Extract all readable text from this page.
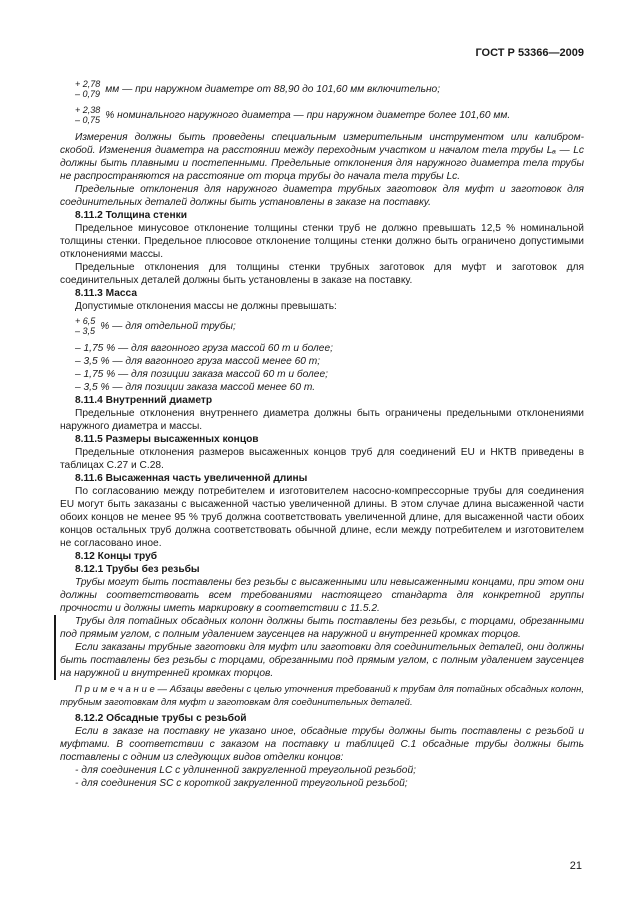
ГОСТ Р 53366—2009
+ 2,78
– 0,79 мм — при наружном диаметре от 88,90 до 101,60 мм включительно;
+ 2,38
– 0,75 % номинального наружного диаметра — при наружном диаметре более 101,60 мм.

Измерения должны быть проведены специальным измерительным инструментом или калибром-скобой. Изменения диаметра на расстоянии между переходным участком и началом тела трубы Lₐ — Lc должны быть плавными и постепенными. Предельные отклонения для наружного диаметра тела трубы не распространяются на расстояние от торца трубы до начала тела трубы Lc.

Предельные отклонения для наружного диаметра трубных заготовок для муфт и заготовок для соединительных деталей должны быть установлены в заказе на поставку.

8.11.2 Толщина стенки

Предельное минусовое отклонение толщины стенки труб не должно превышать 12,5 % номинальной толщины стенки. Предельное плюсовое отклонение толщины стенки должно быть ограничено допустимыми отклонениями массы.

Предельные отклонения для толщины стенки трубных заготовок для муфт и заготовок для соединительных деталей должны быть установлены в заказе на поставку.

8.11.3 Масса

Допустимые отклонения массы не должны превышать:

+ 6,5
– 3,5 % — для отдельной трубы;
– 1,75 % — для вагонного груза массой 60 т и более;
– 3,5 % — для вагонного груза массой менее 60 т;
– 1,75 % — для позиции заказа массой 60 т и более;
– 3,5 % — для позиции заказа массой менее 60 т.

8.11.4 Внутренний диаметр

Предельные отклонения внутреннего диаметра должны быть ограничены предельными отклонениями наружного диаметра и массы.

8.11.5 Размеры высаженных концов

Предельные отклонения размеров высаженных концов труб для соединений EU и НКТВ приведены в таблицах С.27 и С.28.

8.11.6 Высаженная часть увеличенной длины

По согласованию между потребителем и изготовителем насосно-компрессорные трубы для соединения EU могут быть заказаны с высаженной частью увеличенной длины. В этом случае длина высаженной части обоих концов не менее 95 % труб должна соответствовать увеличенной длине, для высаженной части обоих концов остальных труб должна соответствовать обычной длине, если между потребителем и изготовителем не согласовано иное.

8.12 Концы труб

8.12.1 Трубы без резьбы

Трубы могут быть поставлены без резьбы с высаженными или невысаженными концами, при этом они должны соответствовать всем требованиями настоящего стандарта для конкретной группы прочности и должны иметь маркировку в соответствии с 11.5.2.

Трубы для потайных обсадных колонн должны быть поставлены без резьбы, с торцами, обрезанными под прямым углом, с полным удалением заусенцев на наружной и внутренней кромках торцов.

Если заказаны трубные заготовки для муфт или заготовки для соединительных деталей, они должны быть поставлены без резьбы с торцами, обрезанными под прямым углом, с полным удалением заусенцев на наружной и внутренней кромках торцов.

П р и м е ч а н и е — Абзацы введены с целью уточнения требований к трубам для потайных обсадных колонн, трубным заготовкам для муфт и заготовкам для соединительных деталей.

8.12.2 Обсадные трубы с резьбой

Если в заказе на поставку не указано иное, обсадные трубы должны быть поставлены с резьбой и муфтами. В соответствии с заказом на поставку и таблицей С.1 обсадные трубы должны быть поставлены с одним из следующих видов отделки концов:

- для соединения LC с удлиненной закругленной треугольной резьбой;
- для соединения SC с короткой закругленной треугольной резьбой;
21
